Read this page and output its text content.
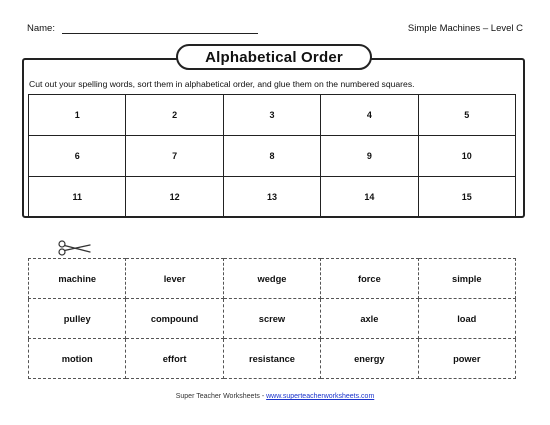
Name:	Simple Machines – Level C
Alphabetical Order
Cut out your spelling words, sort them in alphabetical order, and glue them on the numbered squares.
1	2	3	4	5
6	7	8	9	10
11	12	13	14	15
machine	lever	wedge	force	simple
pulley	compound	screw	axle	load
motion	effort	resistance	energy	power
Super Teacher Worksheets - www.superteacherworksheets.com
